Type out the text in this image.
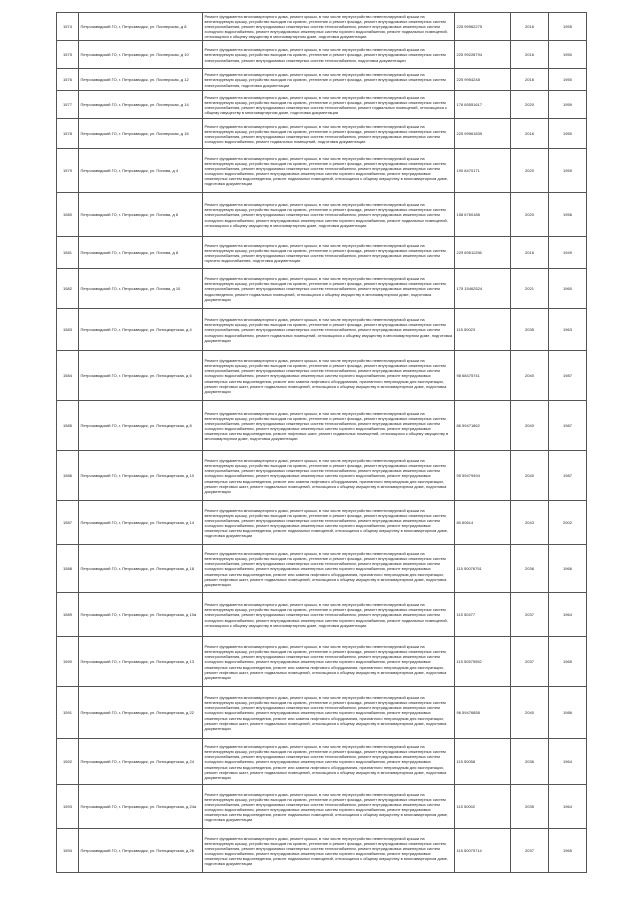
1574	Петрозаводский ГО, г. Петрозаводск, ул. Пионерская, д 8	Ремонт фундамента многоквартирного дома, ремонт крыши, в том числе переустройство невентилируемой крыши на вентилируемую крышу, устройство выходов на кровлю, утепление и ремонт фасада, ремонт внутридомовых инженерных систем электроснабжения, ремонт внутридомовых инженерных систем теплоснабжения, ремонт внутридомовых инженерных систем холодного водоснабжения, ремонт внутридомовых инженерных систем горячего водоснабжения, ремонт подвальных помещений, относящихся к общему имуществу в многоквартирном доме, подготовка документации	225 99962275	2016	1955
1575	Петрозаводский ГО, г. Петрозаводск, ул. Пионерская, д 10	Ремонт фундамента многоквартирного дома, ремонт крыши, в том числе переустройство невентилируемой крыши на вентилируемую крышу, устройство выходов на кровлю, утепление и ремонт фасада, ремонт внутридомовых инженерных систем электроснабжения, ремонт внутридомовых инженерных систем теплоснабжения, подготовка документации	225 99228794	2016	1950
1576	Петрозаводский ГО, г. Петрозаводск, ул. Пионерская, д 12	Ремонт фундамента многоквартирного дома, ремонт крыши, в том числе переустройство невентилируемой крыши на вентилируемую крышу, устройство выходов на кровлю, утепление и ремонт фасада, ремонт внутридомовых инженерных систем электроснабжения, подготовка документации	225 9954248	2016	1950
1577	Петрозаводский ГО, г. Петрозаводск, ул. Пионерская, д 14	Ремонт фундамента многоквартирного дома, ремонт крыши, в том числе переустройство невентилируемой крыши на вентилируемую крышу, устройство выходов на кровлю, утепление и ремонт фасада, ремонт внутридомовых инженерных систем электроснабжения, ремонт внутридомовых инженерных систем теплоснабжения, ремонт подвальных помещений, относящихся к общему имуществу в многоквартирном доме, подготовка документации	176 65551617	2020	1959
1578	Петрозаводский ГО, г. Петрозаводск, ул. Пионерская, д 16	Ремонт фундамента многоквартирного дома, ремонт крыши, в том числе переустройство невентилируемой крыши на вентилируемую крышу, устройство выходов на кровлю, утепление и ремонт фасада, ремонт внутридомовых инженерных систем электроснабжения, ремонт внутридомовых инженерных систем теплоснабжения, ремонт внутридомовых инженерных систем холодного водоснабжения, ремонт подвальных помещений, подготовка документации	225 99561835	2016	1950
1579	Петрозаводский ГО, г. Петрозаводск, ул. Попова, д 4	Ремонт фундамента многоквартирного дома, ремонт крыши, в том числе переустройство невентилируемой крыши на вентилируемую крышу, устройство выходов на кровлю, утепление и ремонт фасада, ремонт внутридомовых инженерных систем электроснабжения, ремонт внутридомовых инженерных систем теплоснабжения, ремонт внутридомовых инженерных систем холодного водоснабжения, ремонт внутридомовых инженерных систем горячего водоснабжения, ремонт внутридомовых инженерных систем водоотведения, ремонт подвальных помещений, относящихся к общему имуществу в многоквартирном доме, подготовка документации	190 8470171	2020	1959
1580	Петрозаводский ГО, г. Петрозаводск, ул. Попова, д 6	Ремонт фундамента многоквартирного дома, ремонт крыши, в том числе переустройство невентилируемой крыши на вентилируемую крышу, устройство выходов на кровлю, утепление и ремонт фасада, ремонт внутридомовых инженерных систем электроснабжения, ремонт внутридомовых инженерных систем теплоснабжения, ремонт внутридомовых инженерных систем холодного водоснабжения, ремонт внутридомовых инженерных систем горячего водоснабжения, ремонт подвальных помещений, относящихся к общему имуществу в многоквартирном доме, подготовка документации	158 6760188	2020	1956
1581	Петрозаводский ГО, г. Петрозаводск, ул. Попова, д 8	Ремонт фундамента многоквартирного дома, ремонт крыши, в том числе переустройство невентилируемой крыши на вентилируемую крышу, устройство выходов на кровлю, утепление и ремонт фасада, ремонт внутридомовых инженерных систем электроснабжения, ремонт внутридомовых инженерных систем теплоснабжения, ремонт внутридомовых инженерных систем горячего водоснабжения, подготовка документации	229 69511256	2016	1949
1582	Петрозаводский ГО, г. Петрозаводск, ул. Попова, д 10	Ремонт фундамента многоквартирного дома, ремонт крыши, в том числе переустройство невентилируемой крыши на вентилируемую крышу, устройство выходов на кровлю, утепление и ремонт фасада, ремонт внутридомовых инженерных систем электроснабжения, ремонт внутридомовых инженерных систем теплоснабжения, ремонт внутридомовых инженерных систем водоотведения, ремонт подвальных помещений, относящихся к общему имуществу в многоквартирном доме, подготовка документации	175 15462524	2021	1960
1583	Петрозаводский ГО, г. Петрозаводск, ул. Пятицкяртская, д 4	Ремонт фундамента многоквартирного дома, ремонт крыши, в том числе переустройство невентилируемой крыши на вентилируемую крышу, устройство выходов на кровлю, утепление и ремонт фасада, ремонт внутридомовых инженерных систем электроснабжения, ремонт внутридомовых инженерных систем теплоснабжения, ремонт внутридомовых инженерных систем холодного водоснабжения, ремонт подвальных помещений, относящихся к общему имуществу в многоквартирном доме, подготовка документации	115 50023	2035	1963
1584	Петрозаводский ГО, г. Петрозаводск, ул. Пятицкяртская, д 6	Ремонт фундамента многоквартирного дома, ремонт крыши, в том числе переустройство невентилируемой крыши на вентилируемую крышу, устройство выходов на кровлю, утепление и ремонт фасада, ремонт внутридомовых инженерных систем электроснабжения, ремонт внутридомовых инженерных систем теплоснабжения, ремонт внутридомовых инженерных систем холодного водоснабжения, ремонт внутридомовых инженерных систем горячего водоснабжения, ремонт внутридомовых инженерных систем водоотведения, ремонт или замена лифтового оборудования, признанного непригодным для эксплуатации, ремонт лифтовых шахт, ремонт подвальных помещений, относящихся к общему имуществу в многоквартирном доме, подготовка документации	98 68475741	2040	1987
1585	Петрозаводский ГО, г. Петрозаводск, ул. Пятицкяртская, д 8	Ремонт фундамента многоквартирного дома, ремонт крыши, в том числе переустройство невентилируемой крыши на вентилируемую крышу, устройство выходов на кровлю, утепление и ремонт фасада, ремонт внутридомовых инженерных систем электроснабжения, ремонт внутридомовых инженерных систем теплоснабжения, ремонт внутридомовых инженерных систем холодного водоснабжения, ремонт внутридомовых инженерных систем горячего водоснабжения, ремонт внутридомовых инженерных систем водоотведения, ремонт лифтовых шахт, ремонт подвальных помещений, относящихся к общему имуществу в многоквартирном доме, подготовка документации	86 59471862	2040	1987
1586	Петрозаводский ГО, г. Петрозаводск, ул. Пятицкяртская, д 10	Ремонт фундамента многоквартирного дома, ремонт крыши, в том числе переустройство невентилируемой крыши на вентилируемую крышу, устройство выходов на кровлю, утепление и ремонт фасада, ремонт внутридомовых инженерных систем электроснабжения, ремонт внутридомовых инженерных систем теплоснабжения, ремонт внутридомовых инженерных систем холодного водоснабжения, ремонт внутридомовых инженерных систем горячего водоснабжения, ремонт внутридомовых инженерных систем водоотведения, ремонт или замена лифтового оборудования, признанного непригодным для эксплуатации, ремонт лифтовых шахт, ремонт подвальных помещений, относящихся к общему имуществу в многоквартирном доме, подготовка документации	95 59479494	2040	1987
1587	Петрозаводский ГО, г. Петрозаводск, ул. Пятицкяртская, д 14	Ремонт фундамента многоквартирного дома, ремонт крыши, в том числе переустройство невентилируемой крыши на вентилируемую крышу, устройство выходов на кровлю, утепление и ремонт фасада, ремонт внутридомовых инженерных систем электроснабжения, ремонт внутридомовых инженерных систем теплоснабжения, ремонт внутридомовых инженерных систем холодного водоснабжения, ремонт внутридомовых инженерных систем горячего водоснабжения, ремонт внутридомовых инженерных систем водоотведения, ремонт подвальных помещений, относящихся к общему имуществу в многоквартирном доме, подготовка документации	80 60614	2043	2002
1588	Петрозаводский ГО, г. Петрозаводск, ул. Пятицкяртская, д 18	Ремонт фундамента многоквартирного дома, ремонт крыши, в том числе переустройство невентилируемой крыши на вентилируемую крышу, устройство выходов на кровлю, утепление и ремонт фасада, ремонт внутридомовых инженерных систем электроснабжения, ремонт внутридомовых инженерных систем теплоснабжения, ремонт внутридомовых инженерных систем холодного водоснабжения, ремонт внутридомовых инженерных систем горячего водоснабжения, ремонт внутридомовых инженерных систем водоотведения, ремонт или замена лифтового оборудования, признанного непригодным для эксплуатации, ремонт лифтовых шахт, ремонт подвальных помещений, относящихся к общему имуществу в многоквартирном доме, подготовка документации	115 50076751	2036	1966
1589	Петрозаводский ГО, г. Петрозаводск, ул. Пятицкяртская, д 10а	Ремонт фундамента многоквартирного дома, ремонт крыши, в том числе переустройство невентилируемой крыши на вентилируемую крышу, устройство выходов на кровлю, утепление и ремонт фасада, ремонт внутридомовых инженерных систем электроснабжения, ремонт внутридомовых инженерных систем теплоснабжения, ремонт внутридомовых инженерных систем холодного водоснабжения, ремонт внутридомовых инженерных систем горячего водоснабжения, ремонт подвальных помещений, относящихся к общему имуществу в многоквартирном доме, подготовка документации	115 50477	2037	1964
1590	Петрозаводский ГО, г. Петрозаводск, ул. Пятицкяртская, д 13	Ремонт фундамента многоквартирного дома, ремонт крыши, в том числе переустройство невентилируемой крыши на вентилируемую крышу, устройство выходов на кровлю, утепление и ремонт фасада, ремонт внутридомовых инженерных систем электроснабжения, ремонт внутридомовых инженерных систем теплоснабжения, ремонт внутридомовых инженерных систем холодного водоснабжения, ремонт внутридомовых инженерных систем горячего водоснабжения, ремонт внутридомовых инженерных систем водоотведения, ремонт или замена лифтового оборудования, признанного непригодным для эксплуатации, ремонт лифтовых шахт, ремонт подвальных помещений, относящихся к общему имуществу в многоквартирном доме, подготовка документации	115 50575952	2037	1965
1591	Петрозаводский ГО, г. Петрозаводск, ул. Пятицкяртская, д 22	Ремонт фундамента многоквартирного дома, ремонт крыши, в том числе переустройство невентилируемой крыши на вентилируемую крышу, устройство выходов на кровлю, утепление и ремонт фасада, ремонт внутридомовых инженерных систем электроснабжения, ремонт внутридомовых инженерных систем теплоснабжения, ремонт внутридомовых инженерных систем холодного водоснабжения, ремонт внутридомовых инженерных систем горячего водоснабжения, ремонт внутридомовых инженерных систем водоотведения, ремонт или замена лифтового оборудования, признанного непригодным для эксплуатации, ремонт лифтовых шахт, ремонт подвальных помещений, относящихся к общему имуществу в многоквартирном доме, подготовка документации	96 59476858	2040	1986
1592	Петрозаводский ГО, г. Петрозаводск, ул. Пятицкяртская, д 24	Ремонт фундамента многоквартирного дома, ремонт крыши, в том числе переустройство невентилируемой крыши на вентилируемую крышу, устройство выходов на кровлю, утепление и ремонт фасада, ремонт внутридомовых инженерных систем электроснабжения, ремонт внутридомовых инженерных систем теплоснабжения, ремонт внутридомовых инженерных систем холодного водоснабжения, ремонт внутридомовых инженерных систем горячего водоснабжения, ремонт внутридомовых инженерных систем водоотведения, ремонт или замена лифтового оборудования, признанного непригодным для эксплуатации, ремонт лифтовых шахт, ремонт подвальных помещений, относящихся к общему имуществу в многоквартирном доме, подготовка документации	115 50058	2036	1964
1593	Петрозаводский ГО, г. Петрозаводск, ул. Пятицкяртская, д 24а	Ремонт фундамента многоквартирного дома, ремонт крыши, в том числе переустройство невентилируемой крыши на вентилируемую крышу, устройство выходов на кровлю, утепление и ремонт фасада, ремонт внутридомовых инженерных систем электроснабжения, ремонт внутридомовых инженерных систем теплоснабжения, ремонт внутридомовых инженерных систем холодного водоснабжения, ремонт внутридомовых инженерных систем горячего водоснабжения, ремонт внутридомовых инженерных систем водоотведения, ремонт подвальных помещений, относящихся к общему имуществу в многоквартирном доме, подготовка документации	115 50002	2035	1964
1594	Петрозаводский ГО, г. Петрозаводск, ул. Пятицкяртская, д 26	Ремонт фундамента многоквартирного дома, ремонт крыши, в том числе переустройство невентилируемой крыши на вентилируемую крышу, устройство выходов на кровлю, утепление и ремонт фасада, ремонт внутридомовых инженерных систем электроснабжения, ремонт внутридомовых инженерных систем теплоснабжения, ремонт внутридомовых инженерных систем холодного водоснабжения, ремонт внутридомовых инженерных систем горячего водоснабжения, ремонт внутридомовых инженерных систем водоотведения, ремонт подвальных помещений, относящихся к общему имуществу в многоквартирном доме, подготовка документации	115 50075714	2037	1965
